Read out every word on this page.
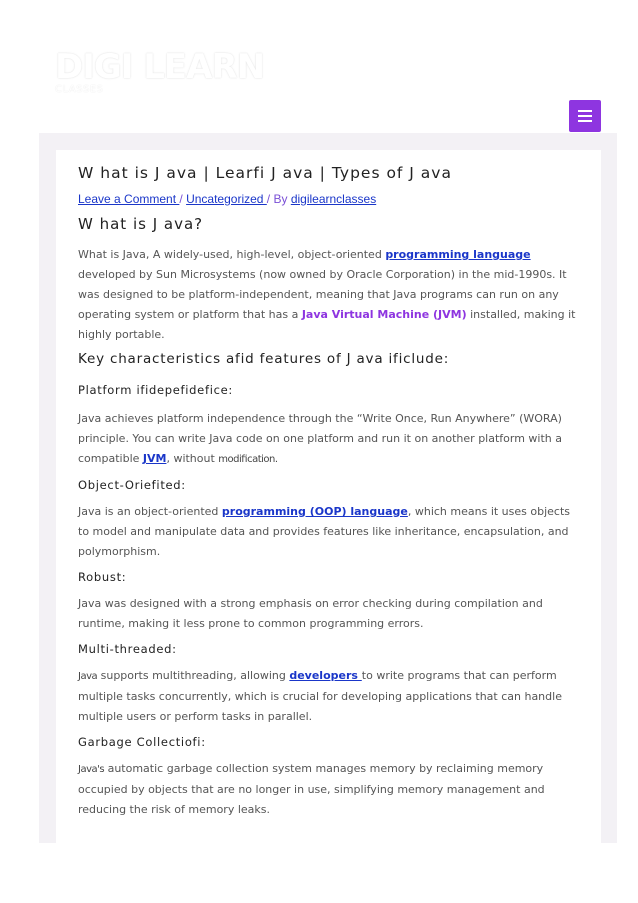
DIGI LEARN
CLASSES
W hat is J ava | Learfi J ava | Types of J ava
Leave a Comment / Uncategorized / By digilearnclasses
W hat is J ava?

What is Java, A widely-used, high-level, object-oriented programming language developed by Sun Microsystems (now owned by Oracle Corporation) in the mid-1990s. It was designed to be platform-independent, meaning that Java programs can run on any operating system or platform that has a Java Virtual Machine (JVM) installed, making it highly portable.

Key characteristics afid features of J ava ificlude:
Platform ifidepefidefice:

Java achieves platform independence through the “Write Once, Run Anywhere” (WORA) principle. You can write Java code on one platform and run it on another platform with a compatible JVM, without modiﬁcation.

Object-Oriefited:

Java is an object-oriented programming (OOP) language, which means it uses objects to model and manipulate data and provides features like inheritance, encapsulation, and polymorphism.

Robust:

Java was designed with a strong emphasis on error checking during compilation and runtime, making it less prone to common programming errors.

Multi-threaded:

Java supports multithreading, allowing developers to write programs that can perform multiple tasks concurrently, which is crucial for developing applications that can handle multiple users or perform tasks in parallel.

Garbage Collectiofi:

Java's automatic garbage collection system manages memory by reclaiming memory occupied by objects that are no longer in use, simplifying memory management and reducing the risk of memory leaks.
